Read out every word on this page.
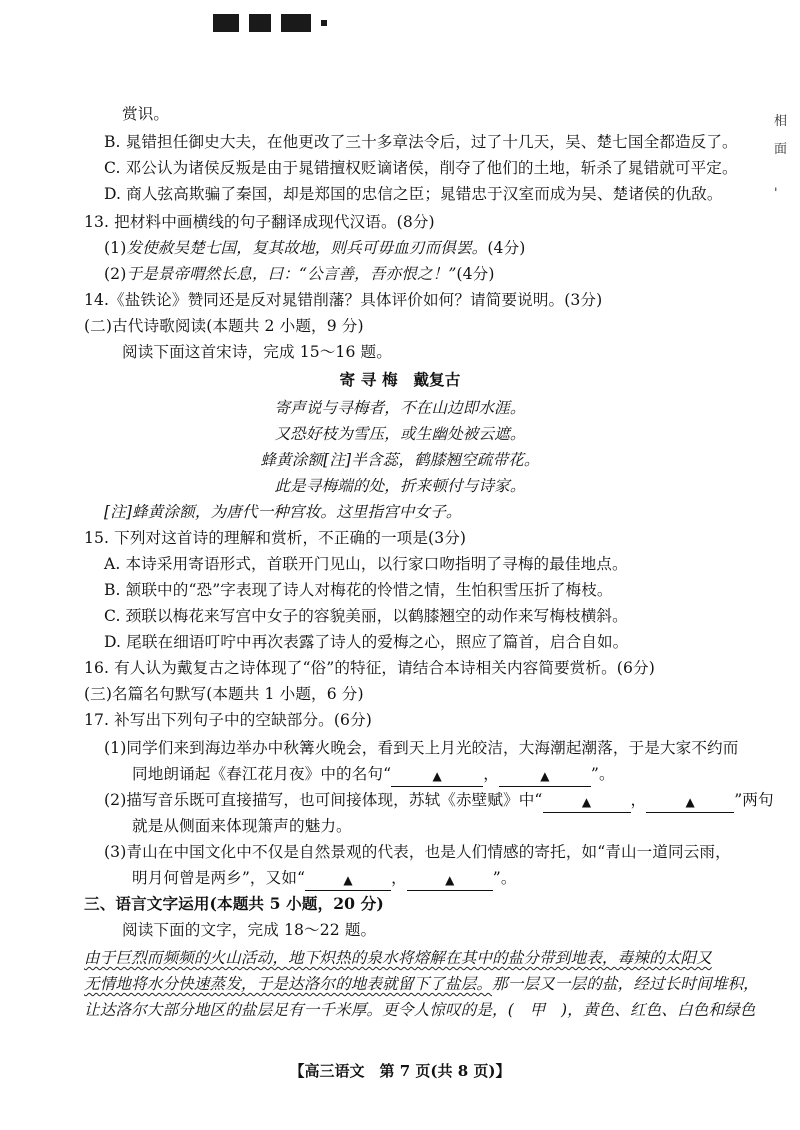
相
面
'
赏识。
B. 晁错担任御史大夫，在他更改了三十多章法令后，过了十几天，吴、楚七国全都造反了。
C. 邓公认为诸侯反叛是由于晁错擅权贬谪诸侯，削夺了他们的土地，斩杀了晁错就可平定。
D. 商人弦高欺骗了秦国，却是郑国的忠信之臣；晁错忠于汉室而成为吴、楚诸侯的仇敌。
13. 把材料中画横线的句子翻译成现代汉语。(8分)
(1)发使赦吴楚七国，复其故地，则兵可毋血刃而俱罢。(4分)
(2)于是景帝喟然长息，曰：“公言善，吾亦恨之！”(4分)
14.《盐铁论》赞同还是反对晁错削藩？具体评价如何？请简要说明。(3分)
(二)古代诗歌阅读(本题共 2 小题，9 分)
阅读下面这首宋诗，完成 15～16 题。
寄 寻 梅　戴复古
寄声说与寻梅者，不在山边即水涯。
又恐好枝为雪压，或生幽处被云遮。
蜂黄涂额[注]半含蕊，鹤膝翘空疏带花。
此是寻梅端的处，折来顿付与诗家。
[注]蜂黄涂额，为唐代一种宫妆。这里指宫中女子。
15. 下列对这首诗的理解和赏析，不正确的一项是(3分)
A. 本诗采用寄语形式，首联开门见山，以行家口吻指明了寻梅的最佳地点。
B. 颔联中的“恐”字表现了诗人对梅花的怜惜之情，生怕积雪压折了梅枝。
C. 颈联以梅花来写宫中女子的容貌美丽，以鹤膝翘空的动作来写梅枝横斜。
D. 尾联在细语叮咛中再次表露了诗人的爱梅之心，照应了篇首，启合自如。
16. 有人认为戴复古之诗体现了“俗”的特征，请结合本诗相关内容简要赏析。(6分)
(三)名篇名句默写(本题共 1 小题，6 分)
17. 补写出下列句子中的空缺部分。(6分)
(1)同学们来到海边举办中秋篝火晚会，看到天上月光皎洁，大海潮起潮落，于是大家不约而
同地朗诵起《春江花月夜》中的名句“	▲	，	▲	”。
(2)描写音乐既可直接描写，也可间接体现，苏轼《赤壁赋》中“	▲	，	▲	”两句
就是从侧面来体现箫声的魅力。
(3)青山在中国文化中不仅是自然景观的代表，也是人们情感的寄托，如“青山一道同云雨，
明月何曾是两乡”，又如“	▲ ，	▲ ”。
三、语言文字运用(本题共 5 小题，20 分)
阅读下面的文字，完成 18～22 题。
由于巨烈而频频的火山活动，地下炽热的泉水将熔解在其中的盐分带到地表，毒辣的太阳又
无情地将水分快速蒸发，于是达洛尔的地表就留下了盐层。那一层又一层的盐，经过长时间堆积，
让达洛尔大部分地区的盐层足有一千米厚。更令人惊叹的是，(　甲　)，黄色、红色、白色和绿色
【高三语文　第 7 页(共 8 页)】
